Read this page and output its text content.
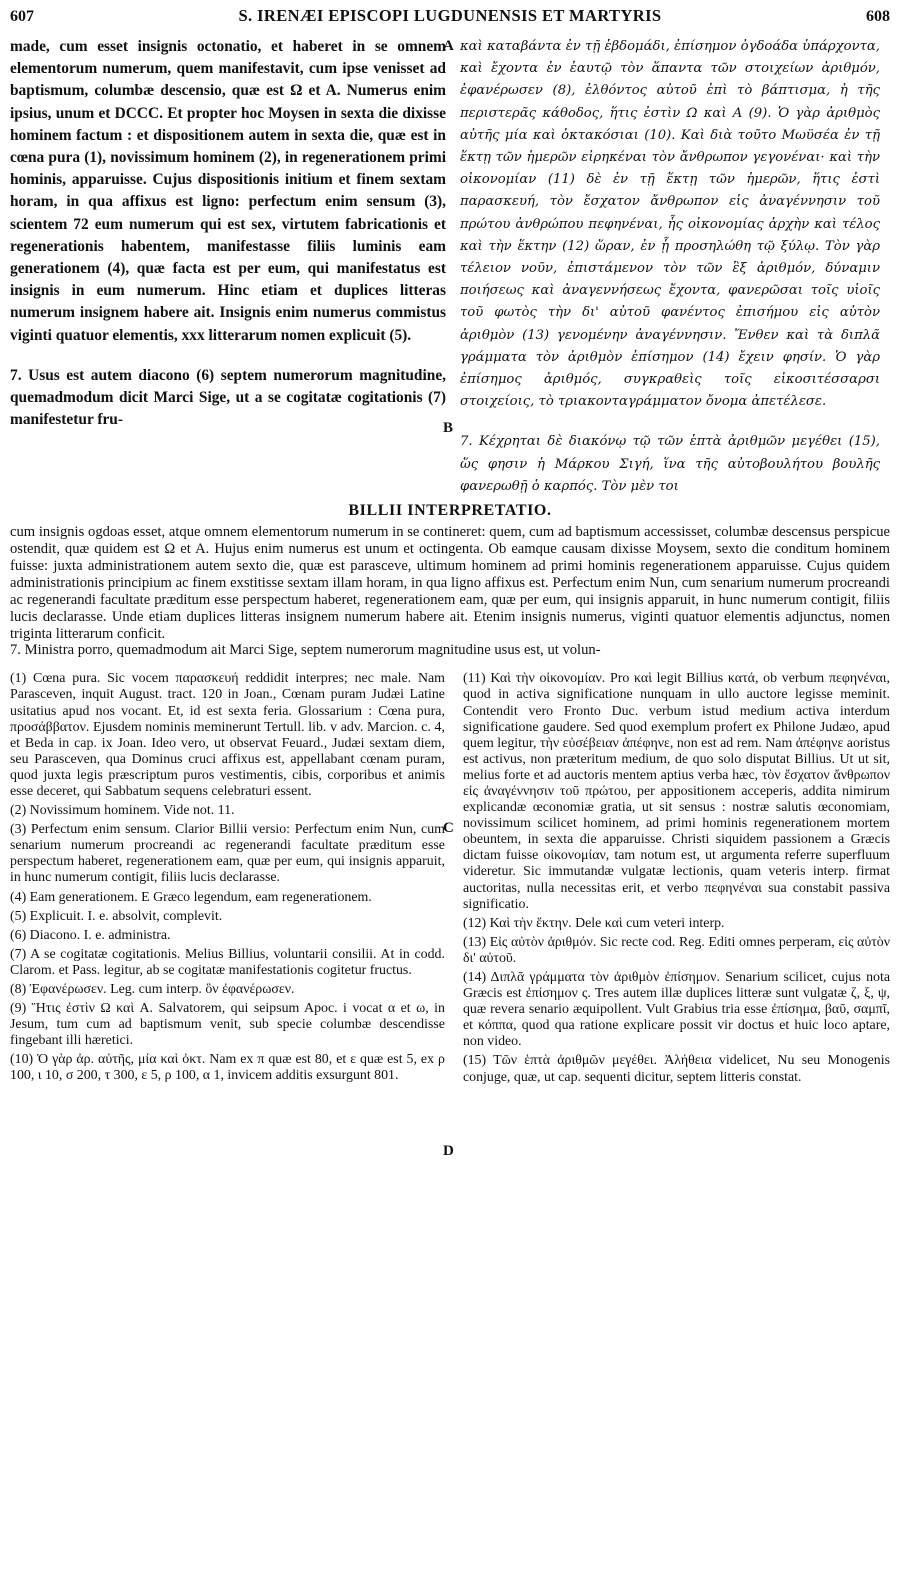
607	S. IRENÆI EPISCOPI LUGDUNENSIS ET MARTYRIS	608

made, cum esset insignis octonatio, et haberet in se omnem elementorum numerum, quem manifestavit, cum ipse venisset ad baptismum, columbæ descensio, quæ est Ω et A. Numerus enim ipsius, unum et DCCC. Et propter hoc Moysen in sexta die dixisse hominem factum : et dispositionem autem in sexta die, quæ est in cœna pura (1), novissimum hominem (2), in regenerationem primi hominis, apparuisse. Cujus dispositionis initium et finem sextam horam, in qua affixus est ligno: perfectum enim sensum (3), scientem 72 eum numerum qui est sex, virtutem fabricationis et regenerationis habentem, manifestasse filiis luminis eam generationem (4), quæ facta est per eum, qui manifestatus est insignis in eum numerum. Hinc etiam et duplices litteras numerum insignem habere ait. Insignis enim numerus commistus viginti quatuor elementis, xxx litterarum nomen explicuit (5).

7. Usus est autem diacono (6) septem numerorum magnitudine, quemadmodum dicit Marci Sige, ut a se cogitatæ cogitationis (7) manifestetur fru-

καὶ καταβάντα ἐν τῇ ἑβδομάδι, ἐπίσημον ὀγδοάδα ὑπάρχοντα, καὶ ἔχοντα ἐν ἑαυτῷ τὸν ἅπαντα τῶν στοιχείων ἀριθμόν, ἐφανέρωσεν (8), ἐλθόντος αὐτοῦ ἐπὶ τὸ βάπτισμα, ἡ τῆς περιστερᾶς κάθοδος, ἥτις ἐστὶν Ω καὶ Α (9). Ὁ γὰρ ἀριθμὸς αὐτῆς μία καὶ ὀκτακόσιαι (10). Καὶ διὰ τοῦτο Μωϋσέα ἐν τῇ ἕκτῃ τῶν ἡμερῶν εἰρηκέναι τὸν ἄνθρωπον γεγονέναι· καὶ τὴν οἰκονομίαν (11) δὲ ἐν τῇ ἕκτῃ τῶν ἡμερῶν, ἥτις ἐστὶ παρασκευή, τὸν ἔσχατον ἄνθρωπον εἰς ἀναγέννησιν τοῦ πρώτου ἀνθρώπου πεφηνέναι, ἧς οἰκονομίας ἀρχὴν καὶ τέλος καὶ τὴν ἕκτην (12) ὥραν, ἐν ᾗ προσηλώθη τῷ ξύλῳ. Τὸν γὰρ τέλειον νοῦν, ἐπιστάμενον τὸν τῶν ἓξ ἀριθμόν, δύναμιν ποιήσεως καὶ ἀναγεννήσεως ἔχοντα, φανερῶσαι τοῖς υἱοῖς τοῦ φωτὸς τὴν δι' αὐτοῦ φανέντος ἐπισήμου εἰς αὐτὸν ἀριθμὸν (13) γενομένην ἀναγέννησιν. Ἔνθεν καὶ τὰ διπλᾶ γράμματα τὸν ἀριθμὸν ἐπίσημον (14) ἔχειν φησίν. Ὁ γὰρ ἐπίσημος ἀριθμός, συγκραθεὶς τοῖς εἰκοσιτέσσαρσι στοιχείοις, τὸ τριακονταγράμματον ὄνομα ἀπετέλεσε.

7. Κέχρηται δὲ διακόνῳ τῷ τῶν ἑπτὰ ἀριθμῶν μεγέθει (15), ὥς φησιν ἡ Μάρκου Σιγή, ἵνα τῆς αὐτοβουλήτου βουλῆς φανερωθῇ ὁ καρπός. Τὸν μὲν τοι

BILLII INTERPRETATIO.
cum insignis ogdoas esset, atque omnem elementorum numerum in se contineret: quem, cum ad baptismum accessisset, columbæ descensus perspicue ostendit, quæ quidem est Ω et A. Hujus enim numerus est unum et octingenta. Ob eamque causam dixisse Moysem, sexto die conditum hominem fuisse: juxta administrationem autem sexto die, quæ est parasceve, ultimum hominem ad primi hominis regenerationem apparuisse. Cujus quidem administrationis principium ac finem exstitisse sextam illam horam, in qua ligno affixus est. Perfectum enim Nun, cum senarium numerum procreandi ac regenerandi facultate præditum esse perspectum haberet, regenerationem eam, quæ per eum, qui insignis apparuit, in hunc numerum contigit, filiis lucis declarasse. Unde etiam duplices litteras insignem numerum habere ait. Etenim insignis numerus, viginti quatuor elementis adjunctus, nomen triginta litterarum conficit.
7. Ministra porro, quemadmodum ait Marci Sige, septem numerorum magnitudine usus est, ut volun-

(1) Cœna pura. Sic vocem παρασκευή reddidit interpres; nec male. Nam Parasceven, inquit August. tract. 120 in Joan., Cœnam puram Judæi Latine usitatius apud nos vocant. Et, id est sexta feria. Glossarium : Cœna pura, προσάββατον. Ejusdem nominis meminerunt Tertull. lib. v adv. Marcion. c. 4, et Beda in cap. ix Joan. Ideo vero, ut observat Feuard., Judæi sextam diem, seu Parasceven, qua Dominus cruci affixus est, appellabant cœnam puram, quod juxta legis præscriptum puros vestimentis, cibis, corporibus et animis esse deceret, qui Sabbatum sequens celebraturi essent.

(2) Novissimum hominem. Vide not. 11.

(3) Perfectum enim sensum. Clarior Billii versio: Perfectum enim Nun, cum senarium numerum procreandi ac regenerandi facultate præditum esse perspectum haberet, regenerationem eam, quæ per eum, qui insignis apparuit, in hunc numerum contigit, filiis lucis declarasse.

(4) Eam generationem. E Græco legendum, eam regenerationem.

(5) Explicuit. I. e. absolvit, complevit.

(6) Diacono. I. e. administra.

(7) A se cogitatæ cogitationis. Melius Billius, voluntarii consilii. At in codd. Clarom. et Pass. legitur, ab se cogitatæ manifestationis cogitetur fructus.

(8) Ἐφανέρωσεν. Leg. cum interp. ὃν ἐφανέρωσεν.

(9) Ἥτις ἐστὶν Ω καὶ A. Salvatorem, qui seipsum Apoc. i vocat α et ω, in Jesum, tum cum ad baptismum venit, sub specie columbæ descendisse fingebant illi hæretici.

(10) Ὁ γὰρ ἀρ. αὐτῆς, μία καὶ ὀκτ. Nam ex π quæ est 80, et ε quæ est 5, ex ρ 100, ι 10, σ 200, τ 300, ε 5, ρ 100, α 1, invicem additis exsurgunt 801.

(11) Καὶ τὴν οἰκονομίαν. Pro καὶ legit Billius κατά, ob verbum πεφηνέναι, quod in activa significatione nunquam in ullo auctore legisse meminit. Contendit vero Fronto Duc. verbum istud medium activa interdum significatione gaudere. Sed quod exemplum profert ex Philone Judæo, apud quem legitur, τὴν εὐσέβειαν ἀπέφηνε, non est ad rem. Nam ἀπέφηνε aoristus est activus, non præteritum medium, de quo solo disputat Billius. Ut ut sit, melius forte et ad auctoris mentem aptius verba hæc, τὸν ἔσχατον ἄνθρωπον εἰς ἀναγέννησιν τοῦ πρώτου, per appositionem acceperis, addita nimirum explicandæ œconomiæ gratia, ut sit sensus : nostræ salutis œconomiam, novissimum scilicet hominem, ad primi hominis regenerationem mortem obeuntem, in sexta die apparuisse. Christi siquidem passionem a Græcis dictam fuisse οἰκονομίαν, tam notum est, ut argumenta referre superfluum videretur. Sic immutandæ vulgatæ lectionis, quam veteris interp. firmat auctoritas, nulla necessitas erit, et verbo πεφηνέναι sua constabit passiva significatio.

(12) Καὶ τὴν ἕκτην. Dele καὶ cum veteri interp.

(13) Εἰς αὐτὸν ἀριθμόν. Sic recte cod. Reg. Editi omnes perperam, εἰς αὐτὸν δι' αὐτοῦ.

(14) Διπλᾶ γράμματα τὸν ἀριθμὸν ἐπίσημον. Senarium scilicet, cujus nota Græcis est ἐπίσημον ς. Tres autem illæ duplices litteræ sunt vulgatæ ζ, ξ, ψ, quæ revera senario æquipollent. Vult Grabius tria esse ἐπίσημα, βαῦ, σαμπῖ, et κόππα, quod qua ratione explicare possit vir doctus et huic loco aptare, non video.

(15) Τῶν ἑπτὰ ἀριθμῶν μεγέθει. Ἀλήθεια videlicet, Nu seu Monogenis conjuge, quæ, ut cap. sequenti dicitur, septem litteris constat.

A
B
C
D
